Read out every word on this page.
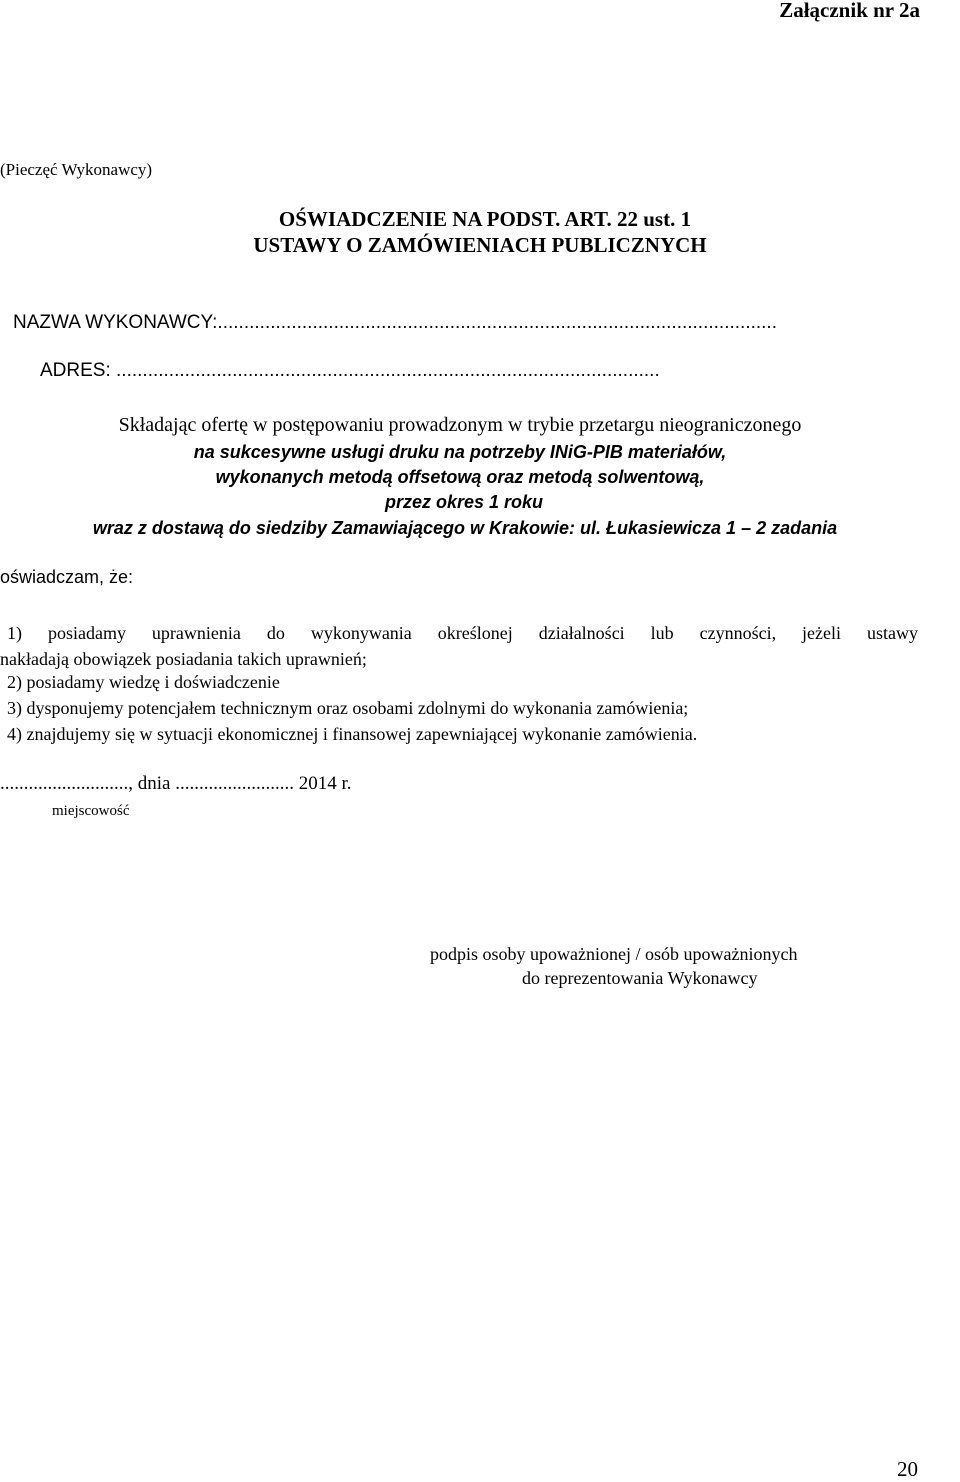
Załącznik nr 2a
(Pieczęć Wykonawcy)
OŚWIADCZENIE NA PODST. ART. 22 ust. 1
USTAWY O ZAMÓWIENIACH PUBLICZNYCH
NAZWA WYKONAWCY:..........................................................................................................
ADRES: .......................................................................................................
Składając ofertę w postępowaniu prowadzonym w trybie przetargu nieograniczonego
na sukcesywne usługi druku na potrzeby INiG-PIB materiałów,
wykonanych metodą offsetową oraz metodą solwentową,
przez okres 1 roku
wraz z dostawą do siedziby Zamawiającego w Krakowie: ul. Łukasiewicza 1 – 2 zadania
oświadczam, że:
1) posiadamy uprawnienia do wykonywania określonej działalności lub czynności, jeżeli ustawy
nakładają obowiązek posiadania takich uprawnień;
2) posiadamy wiedzę i doświadczenie
3) dysponujemy potencjałem technicznym oraz osobami zdolnymi do wykonania zamówienia;
4) znajdujemy się w sytuacji ekonomicznej i finansowej zapewniającej wykonanie zamówienia.
..........................., dnia ......................... 2014 r.
miejscowość
podpis osoby upoważnionej / osób upoważnionych
do reprezentowania Wykonawcy
20
